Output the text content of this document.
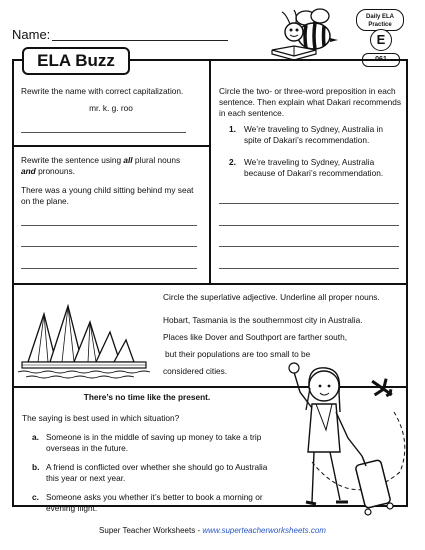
Name:
Daily ELA Practice
E
061
ELA Buzz
Rewrite the name with correct capitalization.
mr. k. g. roo
Rewrite the sentence using all plural nouns
and pronouns.
There was a young child sitting behind my seat on the plane.
Circle the two- or three-word preposition in each sentence. Then explain what Dakari recommends in each sentence.
1. We’re traveling to Sydney, Australia in spite of Dakari’s recommendation.
2. We’re traveling to Sydney, Australia because of Dakari’s recommendation.
Circle the superlative adjective. Underline all proper nouns.
Hobart, Tasmania is the southernmost city in Australia.
Places like Dover and Southport are farther south,
but their populations are too small to be
considered cities.
There’s no time like the present.
The saying is best used in which situation?
a. Someone is in the middle of saving up money to take a trip overseas in the future.
b. A friend is conflicted over whether she should go to Australia this year or next year.
c. Someone asks you whether it’s better to book a morning or evening flight.
Super Teacher Worksheets - www.superteacherworksheets.com
